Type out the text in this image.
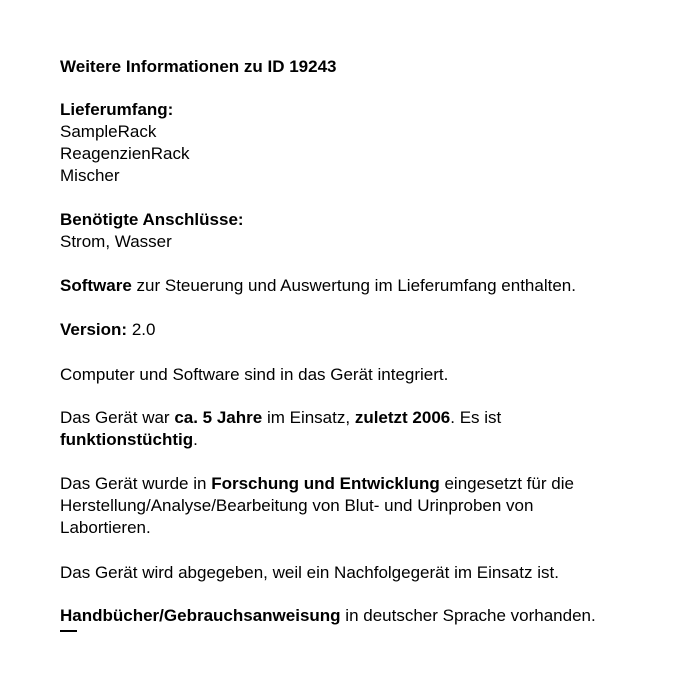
Weitere Informationen zu ID 19243
Lieferumfang:
SampleRack
ReagenzienRack
Mischer
Benötigte Anschlüsse:
Strom, Wasser
Software zur Steuerung und Auswertung im Lieferumfang enthalten.
Version: 2.0
Computer und Software sind in das Gerät integriert.
Das Gerät war ca. 5 Jahre im Einsatz, zuletzt 2006. Es ist
funktionstüchtig.
Das Gerät wurde in Forschung und Entwicklung eingesetzt für die
Herstellung/Analyse/Bearbeitung von Blut- und Urinproben von
Labortieren.
Das Gerät wird abgegeben, weil ein Nachfolgegerät im Einsatz ist.
Handbücher/Gebrauchsanweisung in deutscher Sprache vorhanden.
